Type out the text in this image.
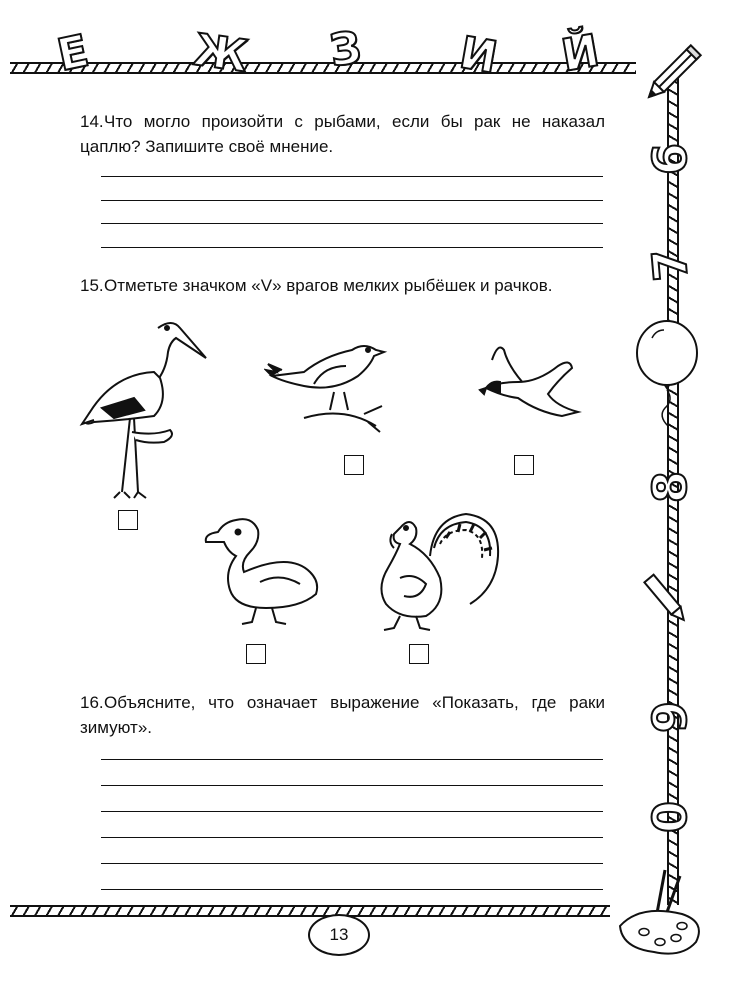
Е Ж З И Й
6
7
8
9
0
14.Что могло произойти с рыбами, если бы рак не наказал цаплю? Запишите своё мнение.
15.Отметьте значком «V» врагов мелких рыбёшек и рачков.
16.Объясните, что означает выражение «Показать, где раки зимуют».
13
